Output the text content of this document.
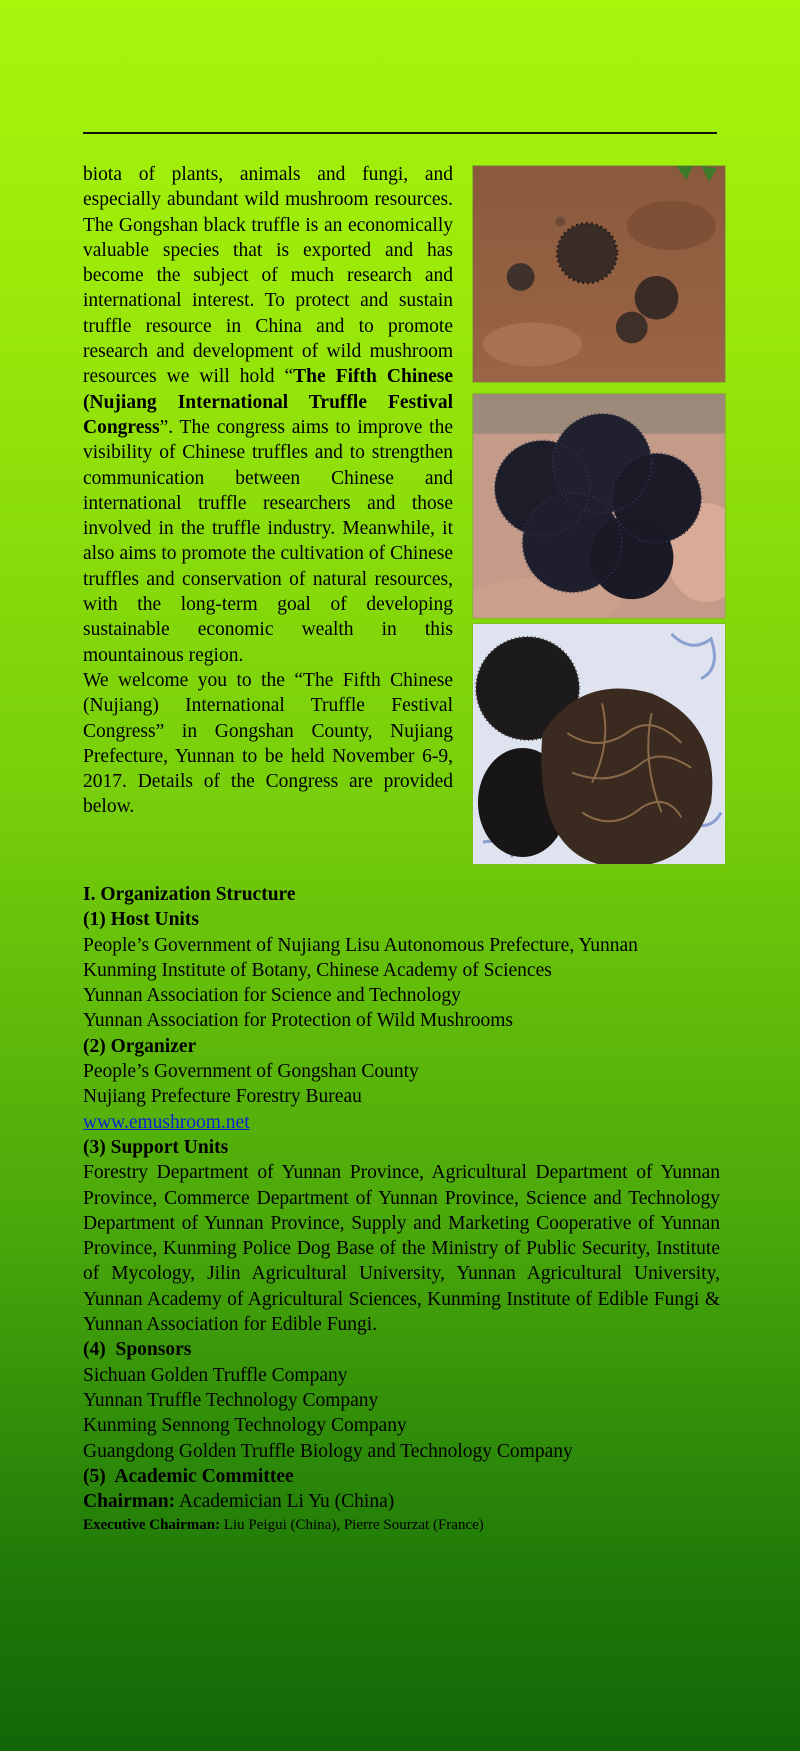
biota of plants, animals and fungi, and especially abundant wild mushroom resources. The Gongshan black truffle is an economically valuable species that is exported and has become the subject of much research and international interest. To protect and sustain truffle resource in China and to promote research and development of wild mushroom resources we will hold “The Fifth Chinese (Nujiang International Truffle Festival Congress”. The congress aims to improve the visibility of Chinese truffles and to strengthen communication between Chinese and international truffle researchers and those involved in the truffle industry. Meanwhile, it also aims to promote the cultivation of Chinese truffles and conservation of natural resources, with the long-term goal of developing sustainable economic wealth in this mountainous region.

We welcome you to the “The Fifth Chinese (Nujiang) International Truffle Festival Congress” in Gongshan County, Nujiang Prefecture, Yunnan to be held November 6-9, 2017. Details of the Congress are provided below.

I. Organization Structure
(1) Host Units
People’s Government of Nujiang Lisu Autonomous Prefecture, Yunnan
Kunming Institute of Botany, Chinese Academy of Sciences
Yunnan Association for Science and Technology
Yunnan Association for Protection of Wild Mushrooms
(2) Organizer
People’s Government of Gongshan County
Nujiang Prefecture Forestry Bureau
www.emushroom.net
(3) Support Units
Forestry Department of Yunnan Province, Agricultural Department of Yunnan Province, Commerce Department of Yunnan Province, Science and Technology Department of Yunnan Province, Supply and Marketing Cooperative of Yunnan Province, Kunming Police Dog Base of the Ministry of Public Security, Institute of Mycology, Jilin Agricultural University, Yunnan Agricultural University, Yunnan Academy of Agricultural Sciences, Kunming Institute of Edible Fungi & Yunnan Association for Edible Fungi.
(4)  Sponsors
Sichuan Golden Truffle Company
Yunnan Truffle Technology Company
Kunming Sennong Technology Company
Guangdong Golden Truffle Biology and Technology Company
(5)  Academic Committee
Chairman: Academician Li Yu (China)
Executive Chairman: Liu Peigui (China), Pierre Sourzat (France)
